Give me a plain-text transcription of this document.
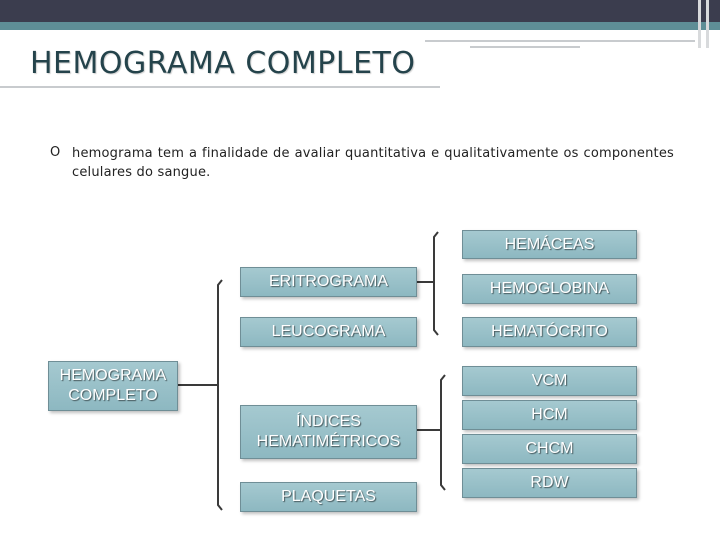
HEMOGRAMA COMPLETO
O hemograma tem a finalidade de avaliar quantitativa e qualitativamente os componentes celulares do sangue.

HEMOGRAMA COMPLETO
ERITROGRAMA
LEUCOGRAMA
ÍNDICES HEMATIMÉTRICOS
PLAQUETAS
HEMÁCEAS
HEMOGLOBINA
HEMATÓCRITO
VCM
HCM
CHCM
RDW
